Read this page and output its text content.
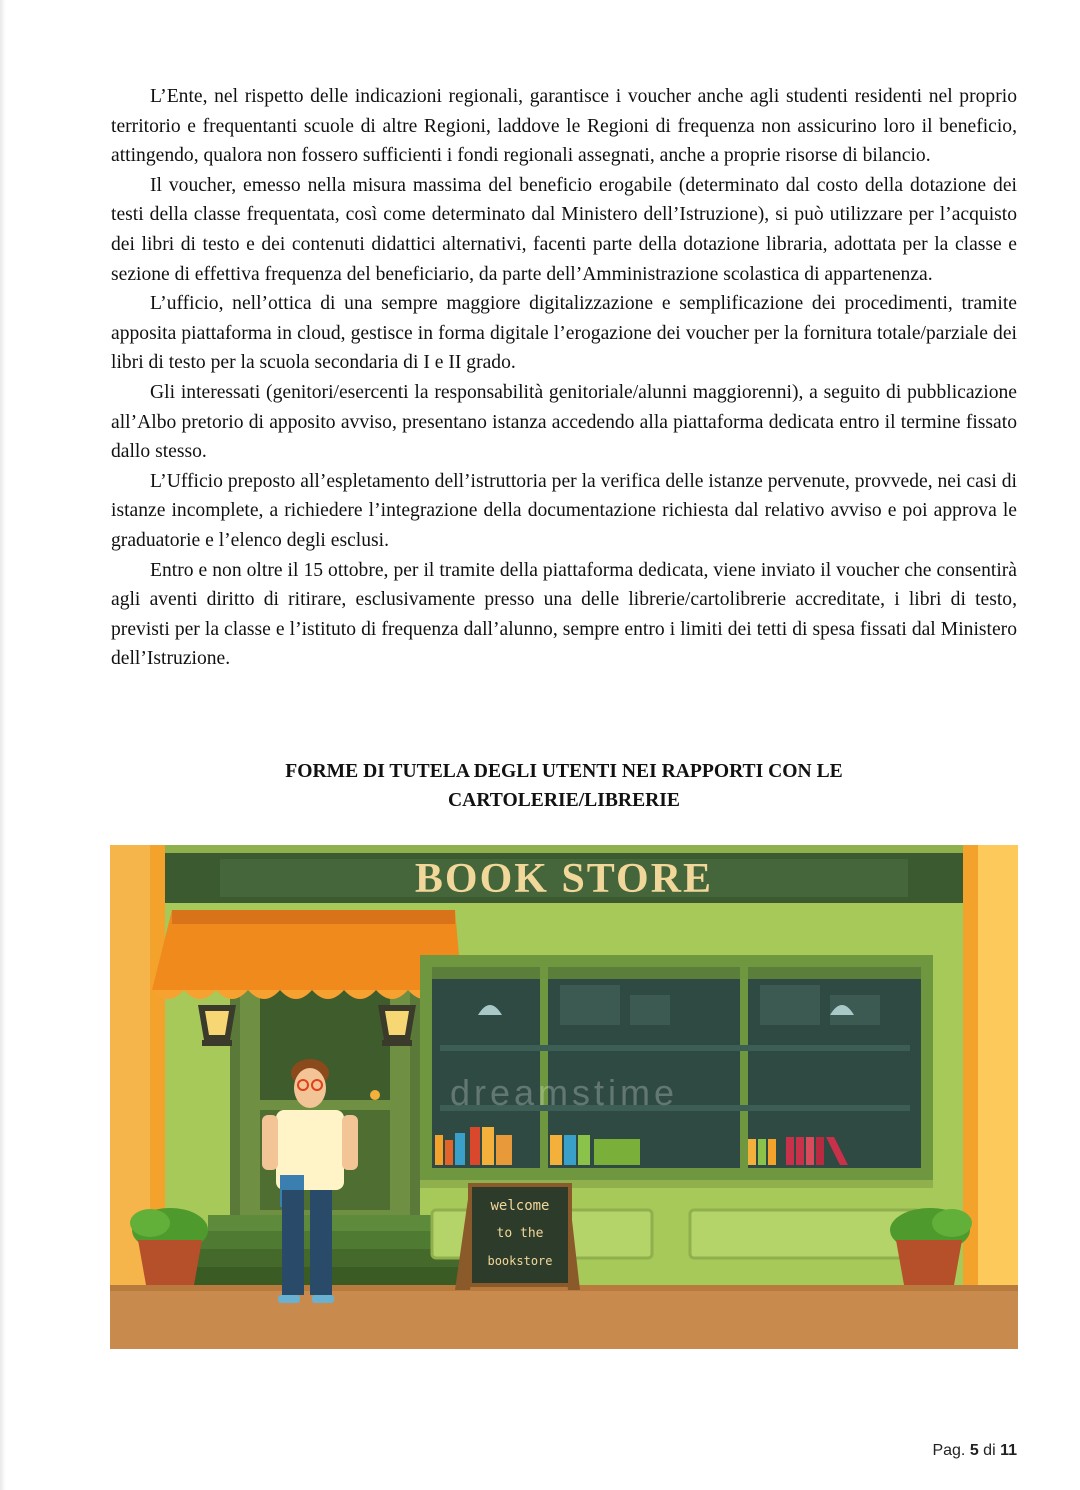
L’Ente, nel rispetto delle indicazioni regionali, garantisce i voucher anche agli studenti residenti nel proprio territorio e frequentanti scuole di altre Regioni, laddove le Regioni di frequenza non assicurino loro il beneficio, attingendo, qualora non fossero sufficienti i fondi regionali assegnati, anche a proprie risorse di bilancio.

Il voucher, emesso nella misura massima del beneficio erogabile (determinato dal costo della dotazione dei testi della classe frequentata, così come determinato dal Ministero dell’Istruzione), si può utilizzare per l’acquisto dei libri di testo e dei contenuti didattici alternativi, facenti parte della dotazione libraria, adottata per la classe e sezione di effettiva frequenza del beneficiario, da parte dell’Amministrazione scolastica di appartenenza.

L’ufficio, nell’ottica di una sempre maggiore digitalizzazione e semplificazione dei procedimenti, tramite apposita piattaforma in cloud, gestisce in forma digitale l’erogazione dei voucher per la fornitura totale/parziale dei libri di testo per la scuola secondaria di I e II grado.

Gli interessati (genitori/esercenti la responsabilità genitoriale/alunni maggiorenni), a seguito di pubblicazione all’Albo pretorio di apposito avviso, presentano istanza accedendo alla piattaforma dedicata entro il termine fissato dallo stesso.

L’Ufficio preposto all’espletamento dell’istruttoria per la verifica delle istanze pervenute, provvede, nei casi di istanze incomplete, a richiedere l’integrazione della documentazione richiesta dal relativo avviso e poi approva le graduatorie e l’elenco degli esclusi.

Entro e non oltre il 15 ottobre, per il tramite della piattaforma dedicata, viene inviato il voucher che consentirà agli aventi diritto di ritirare, esclusivamente presso una delle librerie/cartolibrerie accreditate, i libri di testo, previsti per la classe e l’istituto di frequenza dall’alunno, sempre entro i limiti dei tetti di spesa fissati dal Ministero dell’Istruzione.

FORME DI TUTELA DEGLI UTENTI NEI RAPPORTI CON LE
CARTOLERIE/LIBRERIE
BOOK STORE
dreamstime
welcome
to the
bookstore
Pag. 5 di 11
